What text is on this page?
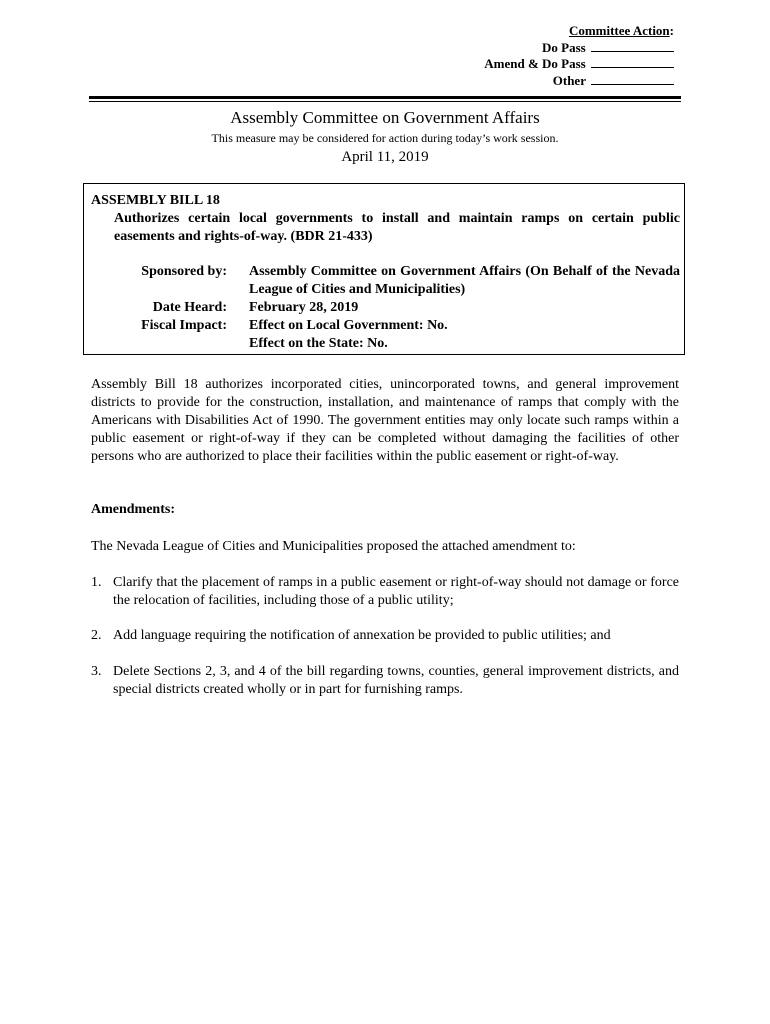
Committee Action:
Do Pass
Amend & Do Pass
Other
Assembly Committee on Government Affairs
This measure may be considered for action during today’s work session.
April 11, 2019
ASSEMBLY BILL 18
Authorizes certain local governments to install and maintain ramps on certain public easements and rights-of-way. (BDR 21-433)
Sponsored by:
Date Heard:
Fiscal Impact:
Assembly Committee on Government Affairs (On Behalf of the Nevada League of Cities and Municipalities)
February 28, 2019
Effect on Local Government: No.
Effect on the State: No.
Assembly Bill 18 authorizes incorporated cities, unincorporated towns, and general improvement districts to provide for the construction, installation, and maintenance of ramps that comply with the Americans with Disabilities Act of 1990. The government entities may only locate such ramps within a public easement or right-of-way if they can be completed without damaging the facilities of other persons who are authorized to place their facilities within the public easement or right-of-way.
Amendments:
The Nevada League of Cities and Municipalities proposed the attached amendment to:
1. Clarify that the placement of ramps in a public easement or right-of-way should not damage or force the relocation of facilities, including those of a public utility;
2. Add language requiring the notification of annexation be provided to public utilities; and
3. Delete Sections 2, 3, and 4 of the bill regarding towns, counties, general improvement districts, and special districts created wholly or in part for furnishing ramps.
